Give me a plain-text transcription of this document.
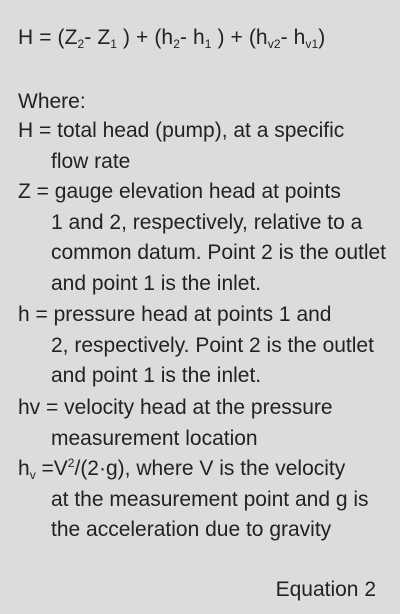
$H = (Z_2-$ $Z_1$ ) + ($h_2-$ $h_1$ ) + ($h_{v2}-$ $h_{v1}$)
Where:
H = total head (pump), at a specific
flow rate
Z = gauge elevation head at points
1 and 2, respectively, relative to a common datum. Point 2 is the outlet and point 1 is the inlet.
h = pressure head at points 1 and
2, respectively. Point 2 is the outlet and point 1 is the inlet.
hv = velocity head at the pressure
measurement location
$h_v =V^2/(2\cdot g)$, where V is the velocity
at the measurement point and g is the acceleration due to gravity
Equation 2
